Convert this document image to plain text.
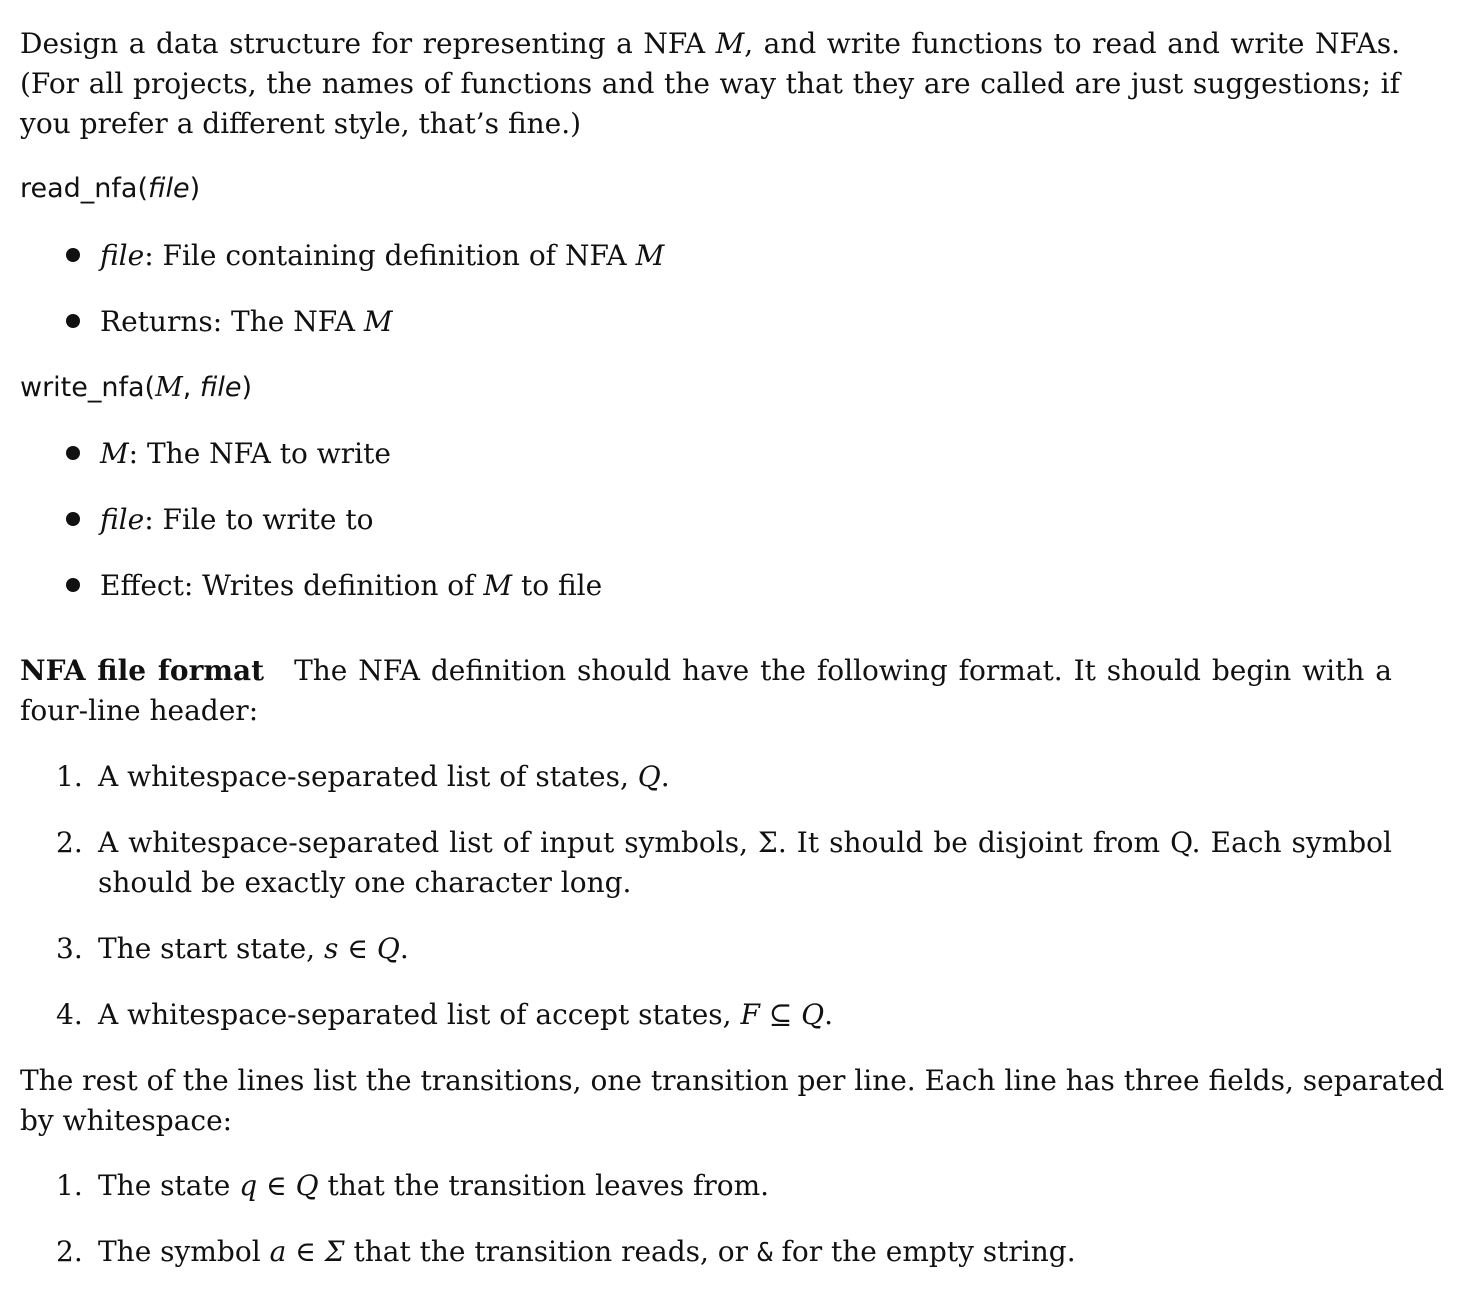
Design a data structure for representing a NFA M, and write functions to read and write NFAs.
(For all projects, the names of functions and the way that they are called are just suggestions; if
you prefer a different style, that’s fine.)
read_nfa(file)
file: File containing definition of NFA M
Returns: The NFA M
write_nfa(M, file)
M: The NFA to write
file: File to write to
Effect: Writes definition of M to file
NFA file format The NFA definition should have the following format. It should begin with a
four-line header:
1. A whitespace-separated list of states, Q.
2. A whitespace-separated list of input symbols, Σ. It should be disjoint from Q. Each symbol
should be exactly one character long.
3. The start state, s ∈ Q.
4. A whitespace-separated list of accept states, F ⊆ Q.
The rest of the lines list the transitions, one transition per line. Each line has three fields, separated
by whitespace:
1. The state q ∈ Q that the transition leaves from.
2. The symbol a ∈ Σ that the transition reads, or & for the empty string.
